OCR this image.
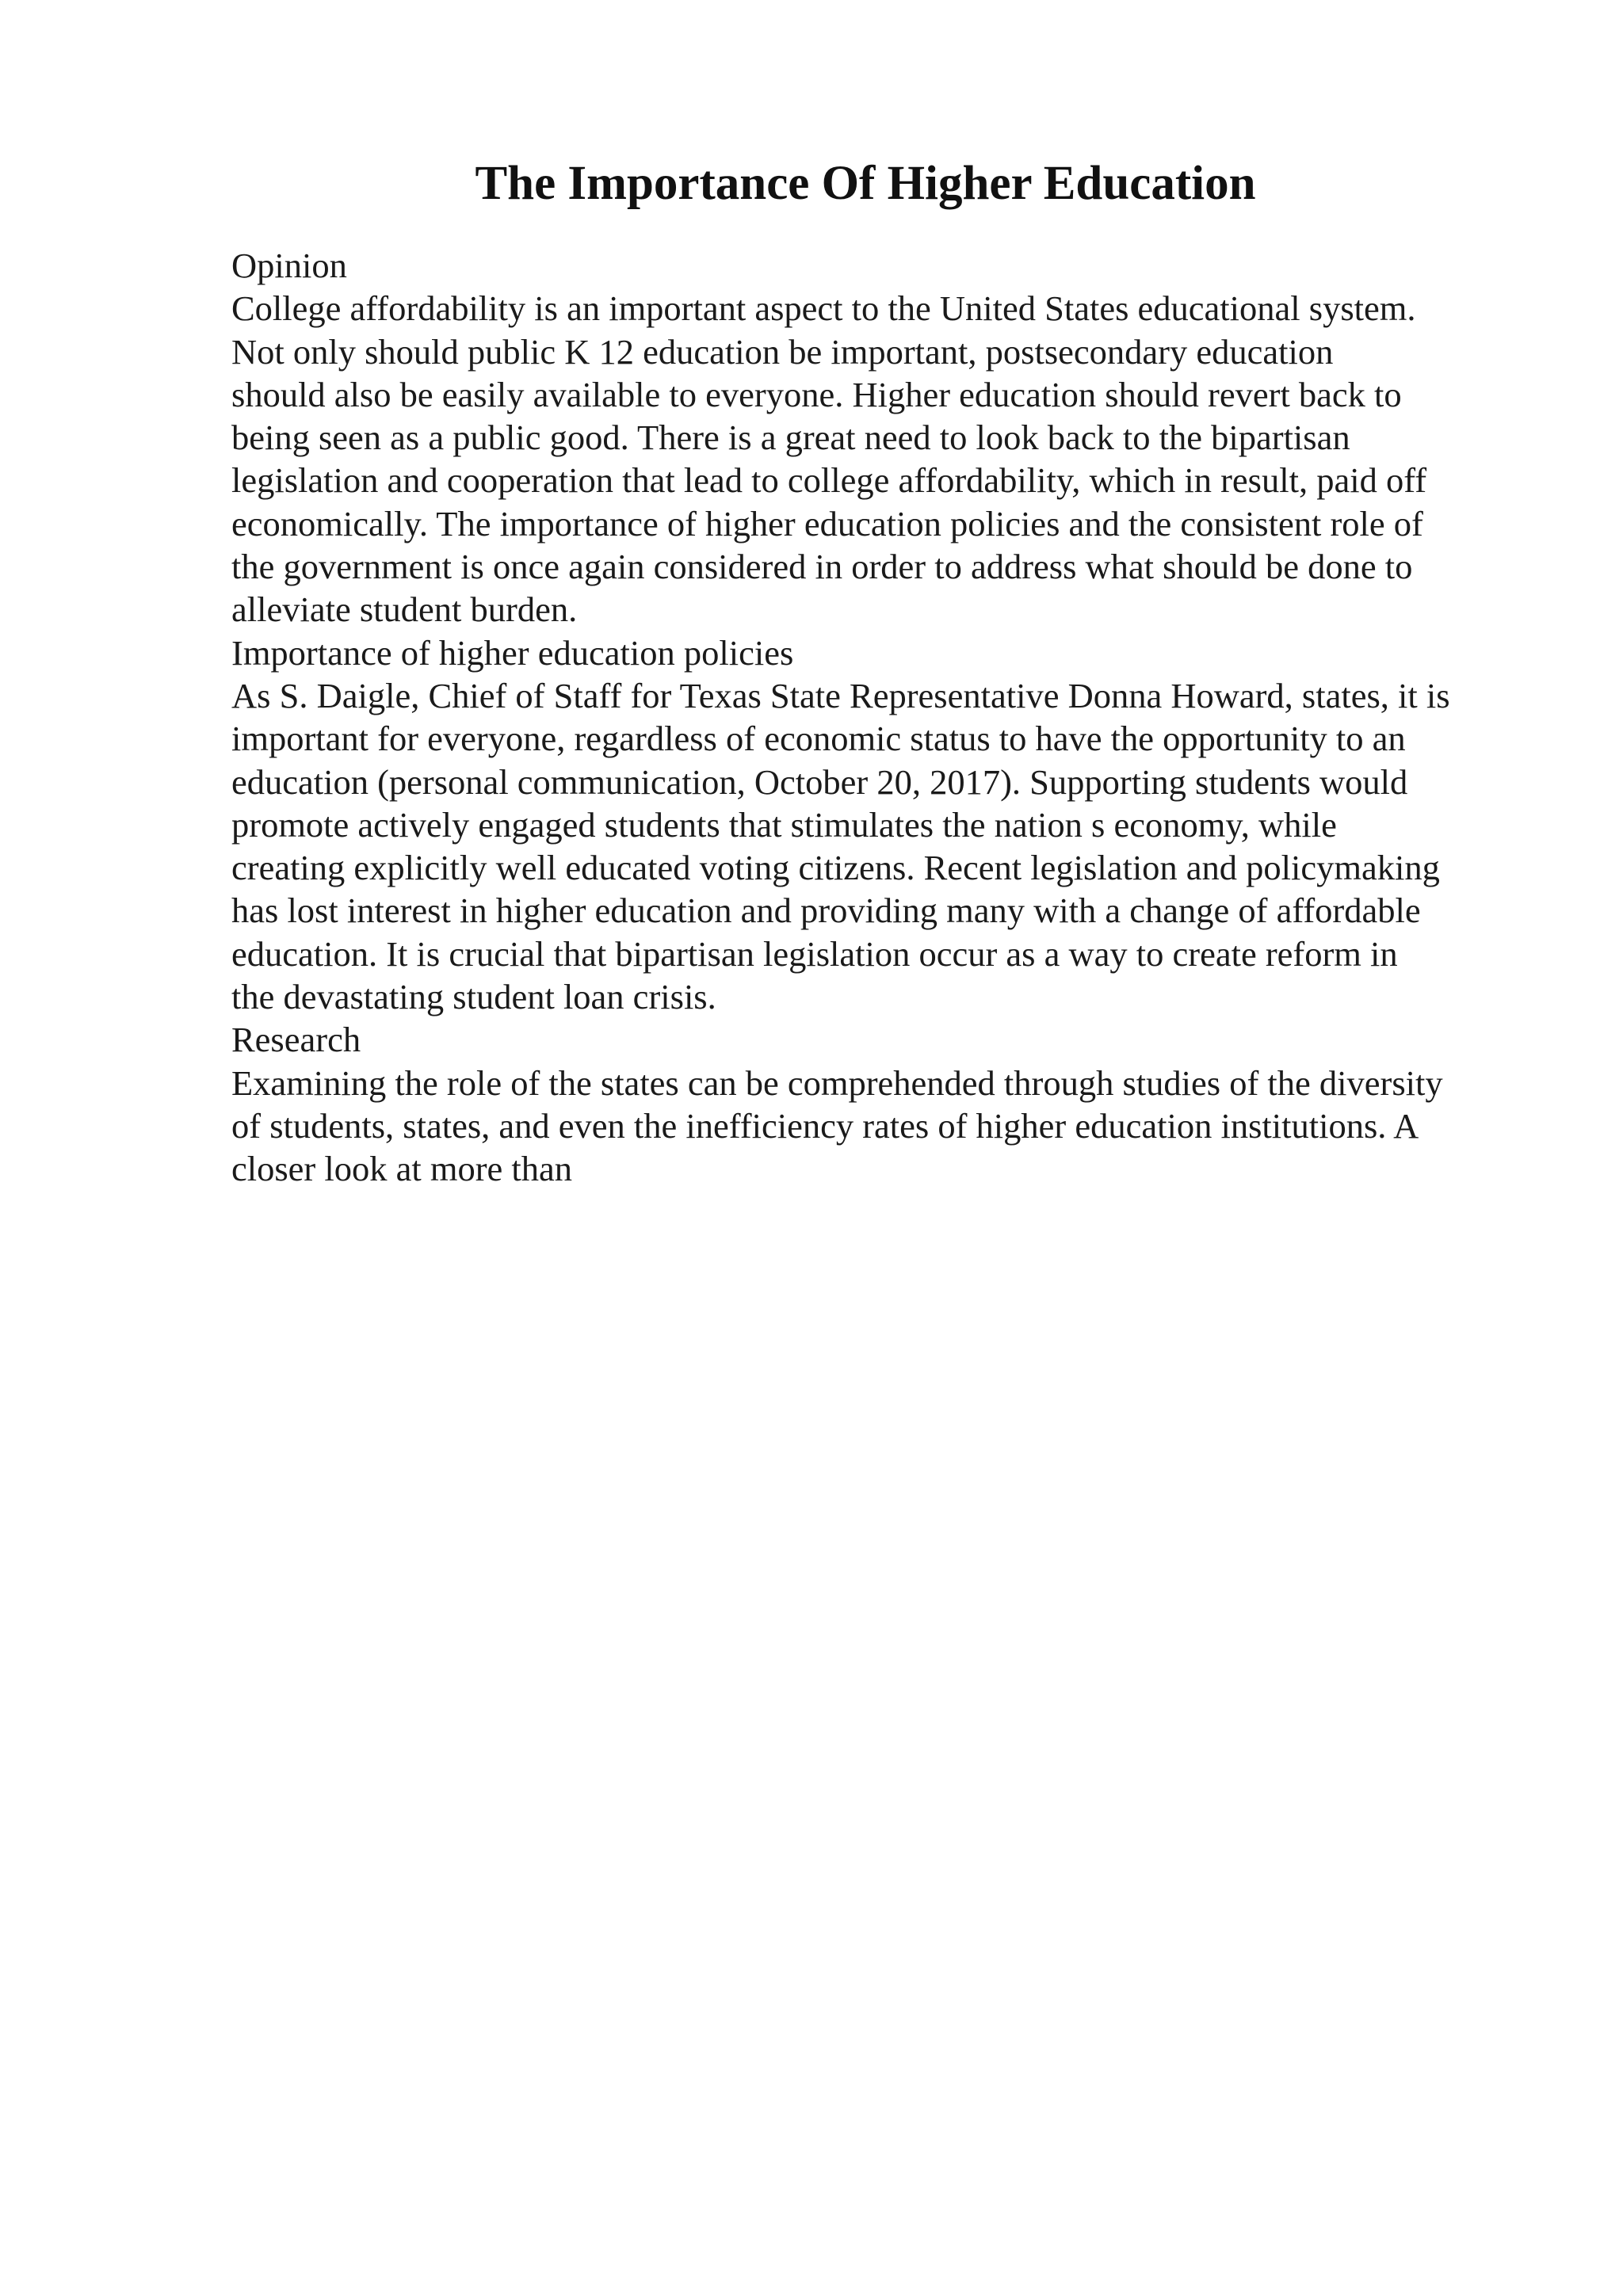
The Importance Of Higher Education
Opinion
College affordability is an important aspect to the United States educational system.
Not only should public K 12 education be important, postsecondary education
should also be easily available to everyone. Higher education should revert back to
being seen as a public good. There is a great need to look back to the bipartisan
legislation and cooperation that lead to college affordability, which in result, paid off
economically. The importance of higher education policies and the consistent role of
the government is once again considered in order to address what should be done to
alleviate student burden.
Importance of higher education policies
As S. Daigle, Chief of Staff for Texas State Representative Donna Howard, states, it is
important for everyone, regardless of economic status to have the opportunity to an
education (personal communication, October 20, 2017). Supporting students would
promote actively engaged students that stimulates the nation s economy, while
creating explicitly well educated voting citizens. Recent legislation and policymaking
has lost interest in higher education and providing many with a change of affordable
education. It is crucial that bipartisan legislation occur as a way to create reform in
the devastating student loan crisis.
Research
Examining the role of the states can be comprehended through studies of the diversity
of students, states, and even the inefficiency rates of higher education institutions. A
closer look at more than
